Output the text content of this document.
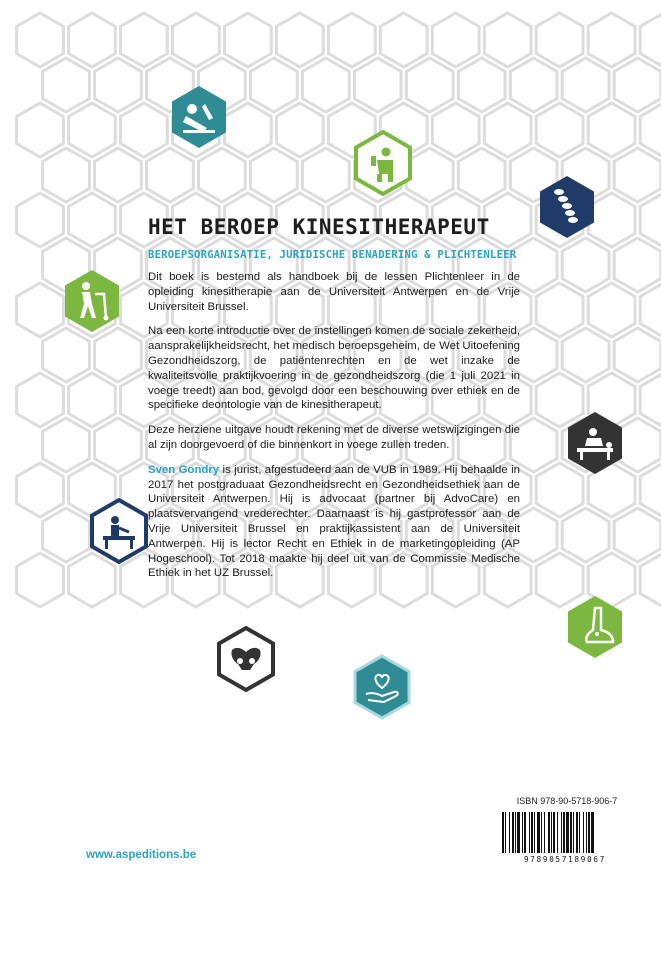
HET BEROEP KINESITHERAPEUT
BEROEPSORGANISATIE, JURIDISCHE BENADERING & PLICHTENLEER

Dit boek is bestemd als handboek bij de lessen Plichtenleer in de opleiding kinesitherapie aan de Universiteit Antwerpen en de Vrije Universiteit Brussel.

Na een korte introductie over de instellingen komen de sociale zekerheid, aansprakelijkheidsrecht, het medisch beroepsgeheim, de Wet Uitoefening Gezondheidszorg, de patiëntenrechten en de wet inzake de kwaliteitsvolle praktijkvoering in de gezondheidszorg (die 1 juli 2021 in voege treedt) aan bod, gevolgd door een beschouwing over ethiek en de specifieke deontologie van de kinesitherapeut.

Deze herziene uitgave houdt rekening met de diverse wetswijzigingen die al zijn doorgevoerd of die binnenkort in voege zullen treden.

Sven Gondry is jurist, afgestudeerd aan de VUB in 1989. Hij behaalde in 2017 het postgraduaat Gezondheidsrecht en Gezondheidsethiek aan de Universiteit Antwerpen. Hij is advocaat (partner bij AdvoCare) en plaatsvervangend vrederechter. Daarnaast is hij gastprofessor aan de Vrije Universiteit Brussel en praktijkassistent aan de Universiteit Antwerpen. Hij is lector Recht en Ethiek in de marketingopleiding (AP Hogeschool). Tot 2018 maakte hij deel uit van de Commissie Medische Ethiek in het UZ Brussel.

ISBN 978-90-5718-906-7
9789057189067
www.aspeditions.be
